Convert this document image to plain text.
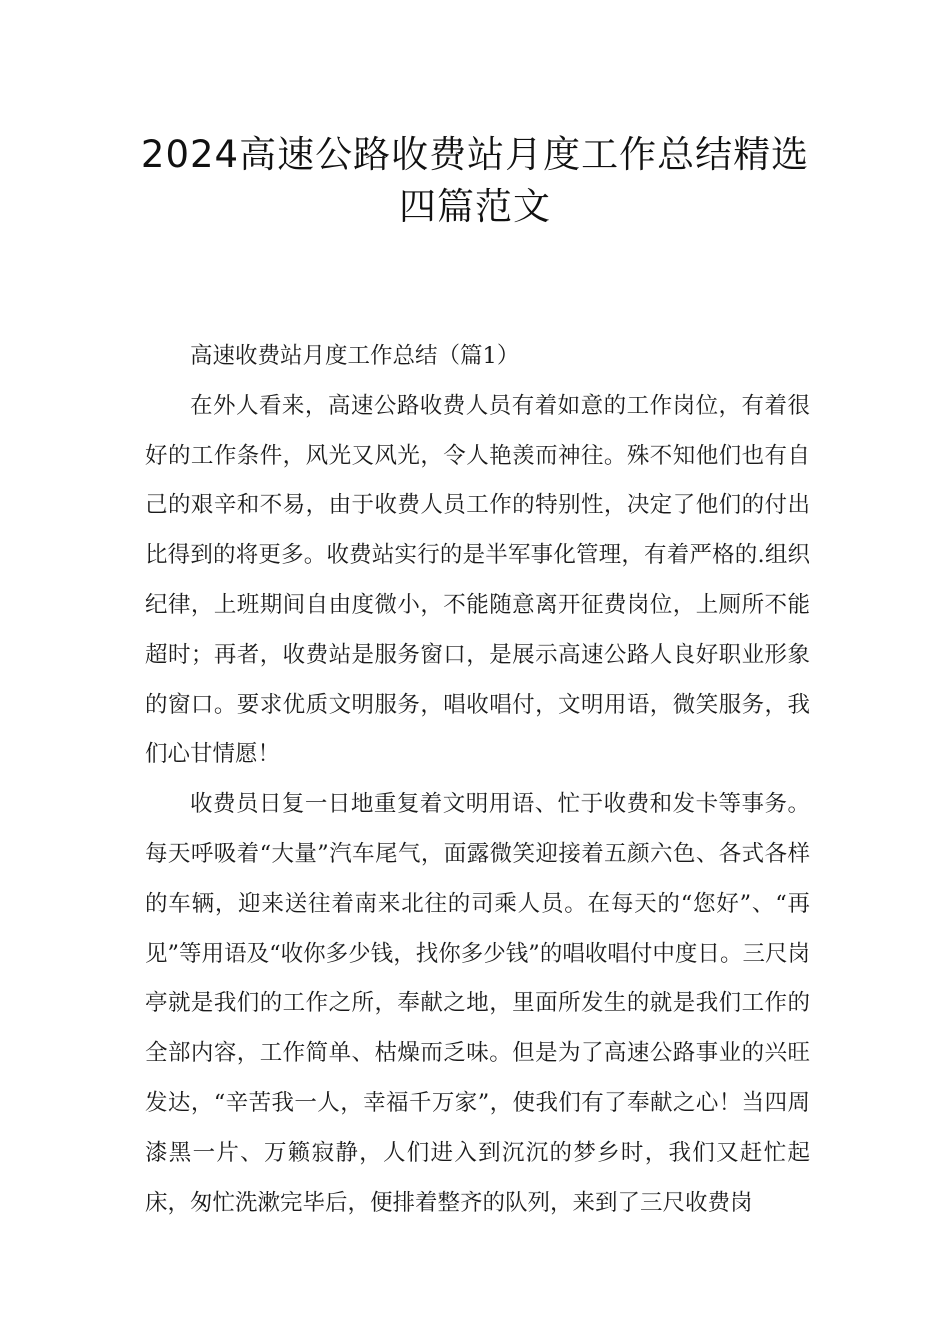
2024高速公路收费站月度工作总结精选
四篇范文

高速收费站月度工作总结（篇1）

在外人看来，高速公路收费人员有着如意的工作岗位，有着很好的工作条件，风光又风光，令人艳羡而神往。殊不知他们也有自己的艰辛和不易，由于收费人员工作的特别性，决定了他们的付出比得到的将更多。收费站实行的是半军事化管理，有着严格的.组织纪律，上班期间自由度微小，不能随意离开征费岗位，上厕所不能超时；再者，收费站是服务窗口，是展示高速公路人良好职业形象的窗口。要求优质文明服务，唱收唱付，文明用语，微笑服务，我们心甘情愿！

收费员日复一日地重复着文明用语、忙于收费和发卡等事务。每天呼吸着“大量”汽车尾气，面露微笑迎接着五颜六色、各式各样的车辆，迎来送往着南来北往的司乘人员。在每天的“您好”、“再见”等用语及“收你多少钱，找你多少钱”的唱收唱付中度日。三尺岗亭就是我们的工作之所，奉献之地，里面所发生的就是我们工作的全部内容，工作简单、枯燥而乏味。但是为了高速公路事业的兴旺发达，“辛苦我一人，幸福千万家”，使我们有了奉献之心！当四周漆黑一片、万籁寂静，人们进入到沉沉的梦乡时，我们又赶忙起床，匆忙洗漱完毕后，便排着整齐的队列，来到了三尺收费岗
